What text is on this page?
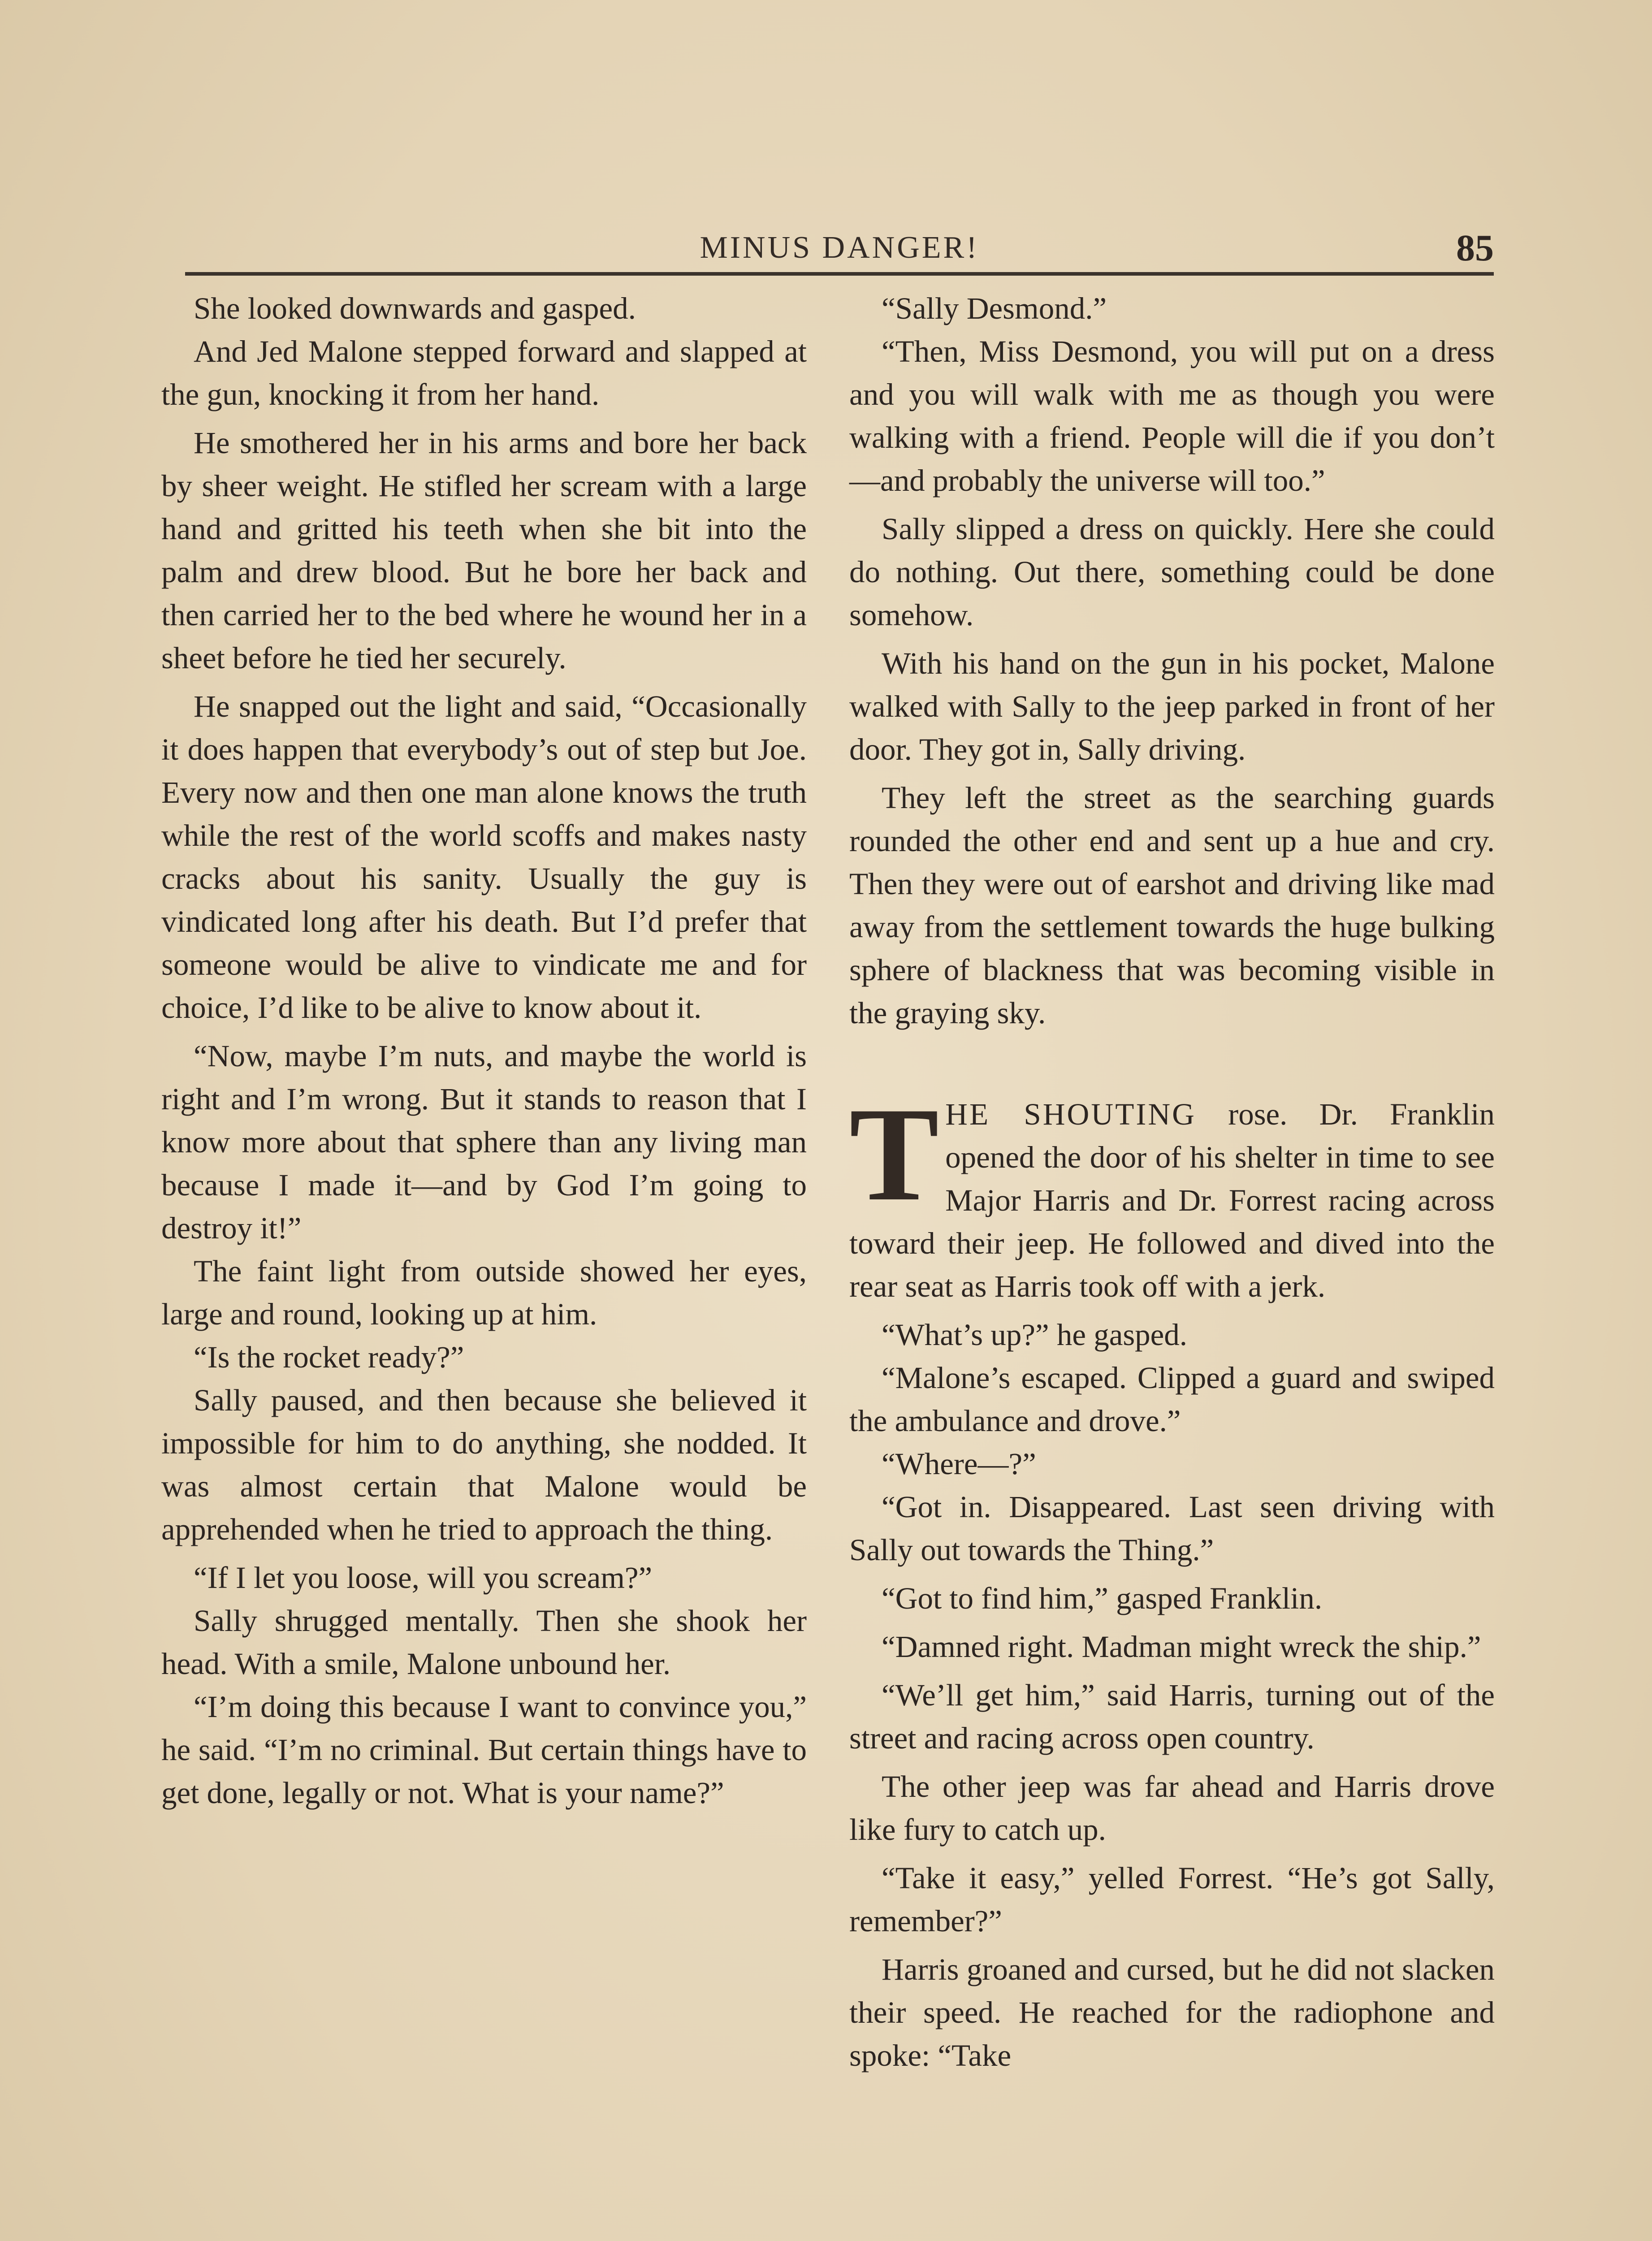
MINUS DANGER!	85

She looked downwards and gasped.

And Jed Malone stepped forward and slapped at the gun, knocking it from her hand.

He smothered her in his arms and bore her back by sheer weight. He stifled her scream with a large hand and gritted his teeth when she bit into the palm and drew blood. But he bore her back and then carried her to the bed where he wound her in a sheet before he tied her securely.

He snapped out the light and said, “Occasionally it does happen that everybody’s out of step but Joe. Every now and then one man alone knows the truth while the rest of the world scoffs and makes nasty cracks about his sanity. Usually the guy is vindicated long after his death. But I’d prefer that someone would be alive to vindicate me and for choice, I’d like to be alive to know about it.

“Now, maybe I’m nuts, and maybe the world is right and I’m wrong. But it stands to reason that I know more about that sphere than any living man because I made it—and by God I’m going to destroy it!”

The faint light from outside showed her eyes, large and round, looking up at him.

“Is the rocket ready?”

Sally paused, and then because she believed it impossible for him to do anything, she nodded. It was almost certain that Malone would be apprehended when he tried to approach the thing.

“If I let you loose, will you scream?”

Sally shrugged mentally. Then she shook her head. With a smile, Malone unbound her.

“I’m doing this because I want to convince you,” he said. “I’m no criminal. But certain things have to get done, legally or not. What is your name?”

“Sally Desmond.”

“Then, Miss Desmond, you will put on a dress and you will walk with me as though you were walking with a friend. People will die if you don’t—and probably the universe will too.”

Sally slipped a dress on quickly. Here she could do nothing. Out there, something could be done somehow.

With his hand on the gun in his pocket, Malone walked with Sally to the jeep parked in front of her door. They got in, Sally driving.

They left the street as the searching guards rounded the other end and sent up a hue and cry. Then they were out of earshot and driving like mad away from the settlement towards the huge bulking sphere of blackness that was becoming visible in the graying sky.

THE SHOUTING rose. Dr. Franklin opened the door of his shelter in time to see Major Harris and Dr. Forrest racing across toward their jeep. He followed and dived into the rear seat as Harris took off with a jerk.

“What’s up?” he gasped.

“Malone’s escaped. Clipped a guard and swiped the ambulance and drove.”

“Where—?”

“Got in. Disappeared. Last seen driving with Sally out towards the Thing.”

“Got to find him,” gasped Franklin.

“Damned right. Madman might wreck the ship.”

“We’ll get him,” said Harris, turning out of the street and racing across open country.

The other jeep was far ahead and Harris drove like fury to catch up.

“Take it easy,” yelled Forrest. “He’s got Sally, remember?”

Harris groaned and cursed, but he did not slacken their speed. He reached for the radiophone and spoke: “Take
